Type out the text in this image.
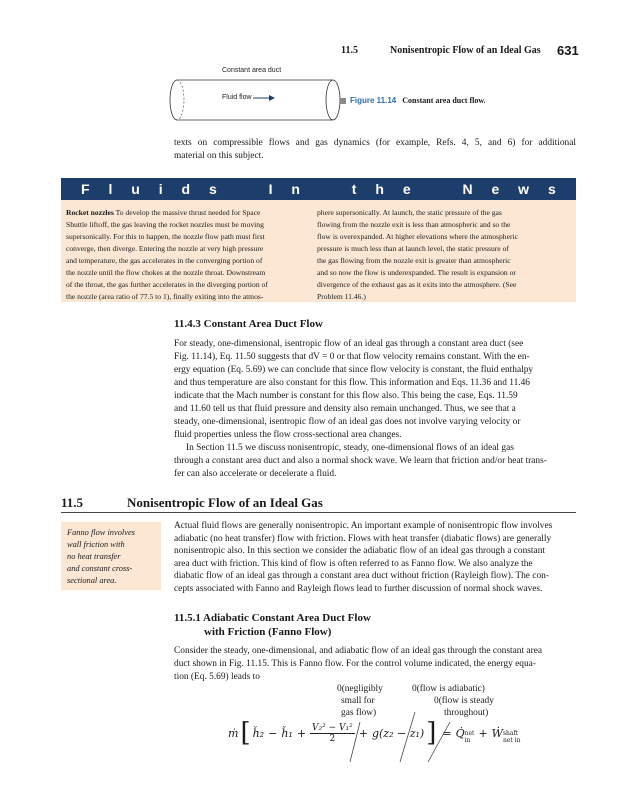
11.5	Nonisentropic Flow of an Ideal Gas 631
Constant area duct
Fluid flow	Figure 11.14 Constant area duct flow.
texts on compressible flows and gas dynamics (for example, Refs. 4, 5, and 6) for additional
material on this subject.
F l u i d s	I n	t h e	N e w s
Rocket nozzles To develop the massive thrust needed for Space
Shuttle liftoff, the gas leaving the rocket nozzles must be moving
supersonically. For this to happen, the nozzle flow path must first
converge, then diverge. Entering the nozzle at very high pressure
and temperature, the gas accelerates in the converging portion of
the nozzle until the flow chokes at the nozzle throat. Downstream
of the throat, the gas further accelerates in the diverging portion of
the nozzle (area ratio of 77.5 to 1), finally exiting into the atmos-
phere supersonically. At launch, the static pressure of the gas
flowing from the nozzle exit is less than atmospheric and so the
flow is overexpanded. At higher elevations where the atmospheric
pressure is much less than at launch level, the static pressure of
the gas flowing from the nozzle exit is greater than atmospheric
and so now the flow is underexpanded. The result is expansion or
divergence of the exhaust gas as it exits into the atmosphere. (See
Problem 11.46.)
11.4.3 Constant Area Duct Flow
For steady, one-dimensional, isentropic flow of an ideal gas through a constant area duct (see
Fig. 11.14), Eq. 11.50 suggests that dV = 0 or that flow velocity remains constant. With the en-
ergy equation (Eq. 5.69) we can conclude that since flow velocity is constant, the fluid enthalpy
and thus temperature are also constant for this flow. This information and Eqs. 11.36 and 11.46
indicate that the Mach number is constant for this flow also. This being the case, Eqs. 11.59
and 11.60 tell us that fluid pressure and density also remain unchanged. Thus, we see that a
steady, one-dimensional, isentropic flow of an ideal gas does not involve varying velocity or
fluid properties unless the flow cross-sectional area changes.
In Section 11.5 we discuss nonisentropic, steady, one-dimensional flows of an ideal gas
through a constant area duct and also a normal shock wave. We learn that friction and/or heat trans-
fer can also accelerate or decelerate a fluid.
11.5	Nonisentropic Flow of an Ideal Gas
Fanno flow involves
wall friction with
no heat transfer
and constant cross-
sectional area.
Actual fluid flows are generally nonisentropic. An important example of nonisentropic flow involves
adiabatic (no heat transfer) flow with friction. Flows with heat transfer (diabatic flows) are generally
nonisentropic also. In this section we consider the adiabatic flow of an ideal gas through a constant
area duct with friction. This kind of flow is often referred to as Fanno flow. We also analyze the
diabatic flow of an ideal gas through a constant area duct without friction (Rayleigh flow). The con-
cepts associated with Fanno and Rayleigh flows lead to further discussion of normal shock waves.
11.5.1 Adiabatic Constant Area Duct Flow
with Friction (Fanno Flow)
Consider the steady, one-dimensional, and adiabatic flow of an ideal gas through the constant area
duct shown in Fig. 11.15. This is Fanno flow. For the control volume indicated, the energy equa-
tion (Eq. 5.69) leads to
0(negligibly
small for
gas flow)
0(flow is adiabatic)
0(flow is steady
throughout)
ṁ [ ȟ₂ − ȟ₁ + $\frac{\text{V₂² − V₁²}}{2} + g(z_2 - z_1)$ ] = Q̇ net
in
+ Ẇ shaft
net in
